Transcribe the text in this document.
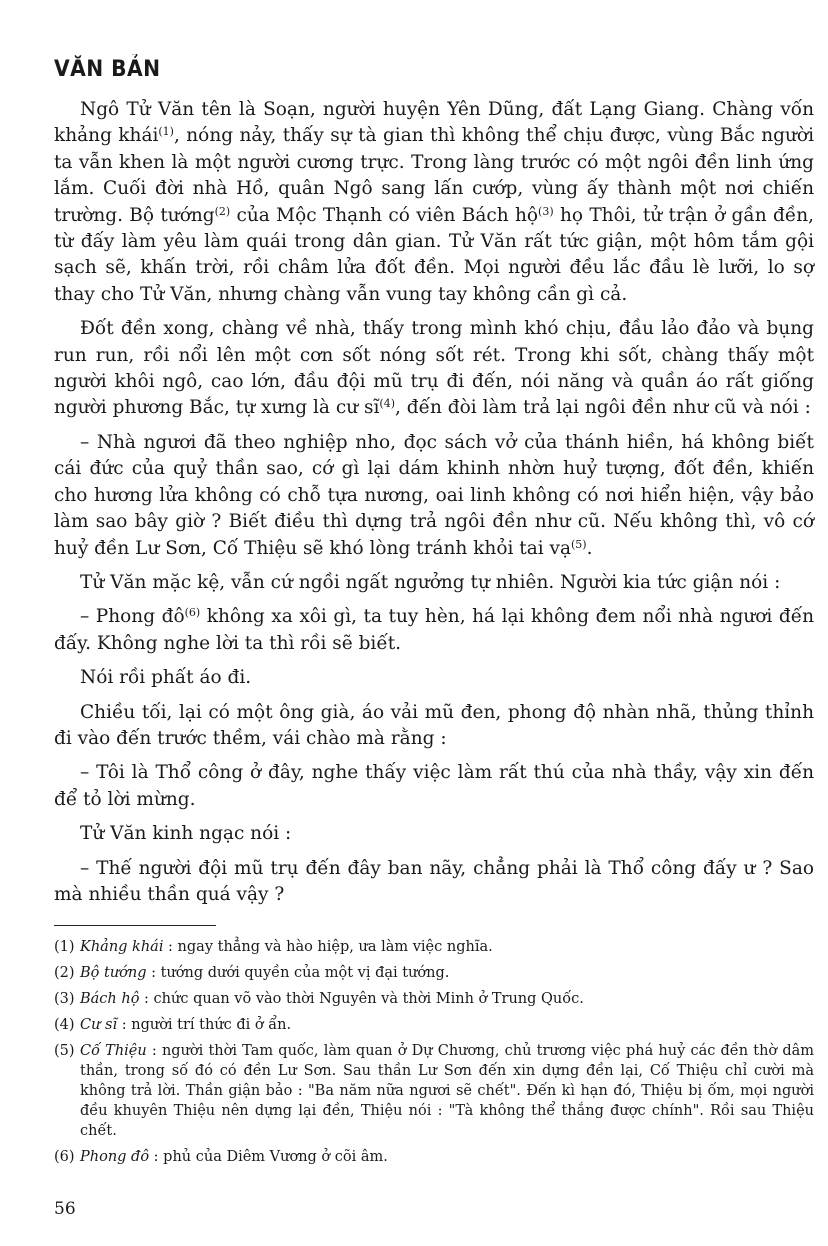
VĂN BẢN

Ngô Tử Văn tên là Soạn, người huyện Yên Dũng, đất Lạng Giang. Chàng vốn khảng khái$^{(1)}$, nóng nảy, thấy sự tà gian thì không thể chịu được, vùng Bắc người ta vẫn khen là một người cương trực. Trong làng trước có một ngôi đền linh ứng lắm. Cuối đời nhà Hồ, quân Ngô sang lấn cướp, vùng ấy thành một nơi chiến trường. Bộ tướng$^{(2)}$ của Mộc Thạnh có viên Bách hộ$^{(3)}$ họ Thôi, tử trận ở gần đền, từ đấy làm yêu làm quái trong dân gian. Tử Văn rất tức giận, một hôm tắm gội sạch sẽ, khấn trời, rồi châm lửa đốt đền. Mọi người đều lắc đầu lè lưỡi, lo sợ thay cho Tử Văn, nhưng chàng vẫn vung tay không cần gì cả.

Đốt đền xong, chàng về nhà, thấy trong mình khó chịu, đầu lảo đảo và bụng run run, rồi nổi lên một cơn sốt nóng sốt rét. Trong khi sốt, chàng thấy một người khôi ngô, cao lớn, đầu đội mũ trụ đi đến, nói năng và quần áo rất giống người phương Bắc, tự xưng là cư $sĩ^{(4)}$, đến đòi làm trả lại ngôi đền như cũ và nói :

– Nhà ngươi đã theo nghiệp nho, đọc sách vở của thánh hiền, há không biết cái đức của quỷ thần sao, cớ gì lại dám khinh nhờn huỷ tượng, đốt đền, khiến cho hương lửa không có chỗ tựa nương, oai linh không có nơi hiển hiện, vậy bảo làm sao bây giờ ? Biết điều thì dựng trả ngôi đền như cũ. Nếu không thì, vô cớ huỷ đền Lư Sơn, Cố Thiệu sẽ khó lòng tránh khỏi tai vạ$^{(5)}$.

Tử Văn mặc kệ, vẫn cứ ngồi ngất ngưởng tự nhiên. Người kia tức giận nói :

– Phong $đô^{(6)}$ không xa xôi gì, ta tuy hèn, há lại không đem nổi nhà ngươi đến đấy. Không nghe lời ta thì rồi sẽ biết.

Nói rồi phất áo đi.

Chiều tối, lại có một ông già, áo vải mũ đen, phong độ nhàn nhã, thủng thỉnh đi vào đến trước thềm, vái chào mà rằng :

– Tôi là Thổ công ở đây, nghe thấy việc làm rất thú của nhà thầy, vậy xin đến để tỏ lời mừng.

Tử Văn kinh ngạc nói :

– Thế người đội mũ trụ đến đây ban nãy, chẳng phải là Thổ công đấy ư ? Sao mà nhiều thần quá vậy ?

(1) Khảng khái : ngay thẳng và hào hiệp, ưa làm việc nghĩa.
(2) Bộ tướng : tướng dưới quyền của một vị đại tướng.
(3) Bách hộ : chức quan võ vào thời Nguyên và thời Minh ở Trung Quốc.
(4) Cư sĩ : người trí thức đi ở ẩn.
(5) Cố Thiệu : người thời Tam quốc, làm quan ở Dự Chương, chủ trương việc phá huỷ các đền thờ dâm thần, trong số đó có đền Lư Sơn. Sau thần Lư Sơn đến xin dựng đền lại, Cố Thiệu chỉ cười mà không trả lời. Thần giận bảo : "Ba năm nữa ngươi sẽ chết". Đến kì hạn đó, Thiệu bị ốm, mọi người đều khuyên Thiệu nên dựng lại đền, Thiệu nói : "Tà không thể thắng được chính". Rồi sau Thiệu chết.
(6) Phong đô : phủ của Diêm Vương ở cõi âm.
56
